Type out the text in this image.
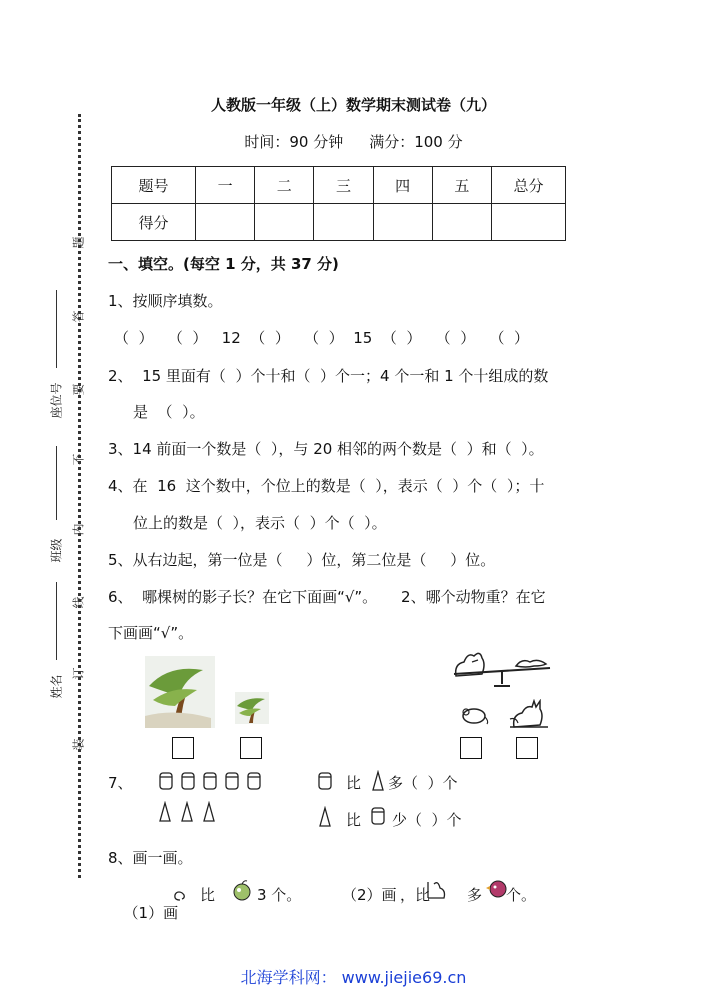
题
答
要
不
内
线
订
装
座位号
班级
姓名
人教版一年级（上）数学期末测试卷（九）
时间：90 分钟 满分：100 分
题号	一	二	三	四	五	总分
得分						
一、填空。(每空 1 分，共 37 分)
1、按顺序填数。
（  ）   （  ）   12  （  ）   （  ）  15  （  ）   （  ）   （  ）
2、  15 里面有（  ）个十和（  ）个一；4 个一和 1 个十组成的数
是  （  ）。
3、14 前面一个数是（  ），与 20 相邻的两个数是（  ）和（  ）。
4、在  16  这个数中，个位上的数是（  ），表示（  ）个（  ）；十
位上的数是（  ），表示（  ）个（  ）。
5、从右边起，第一位是（     ）位，第二位是（     ）位。
6、  哪棵树的影子长？在它下面画“√”。     2、哪个动物重？在它
下画画“√”。
7、	比 多（  ）个
比 少（  ）个
8、画一画。

（1）画

比	3 个。	（2）画 ，比 多 个。
北海学科网： www.jiejie69.cn
